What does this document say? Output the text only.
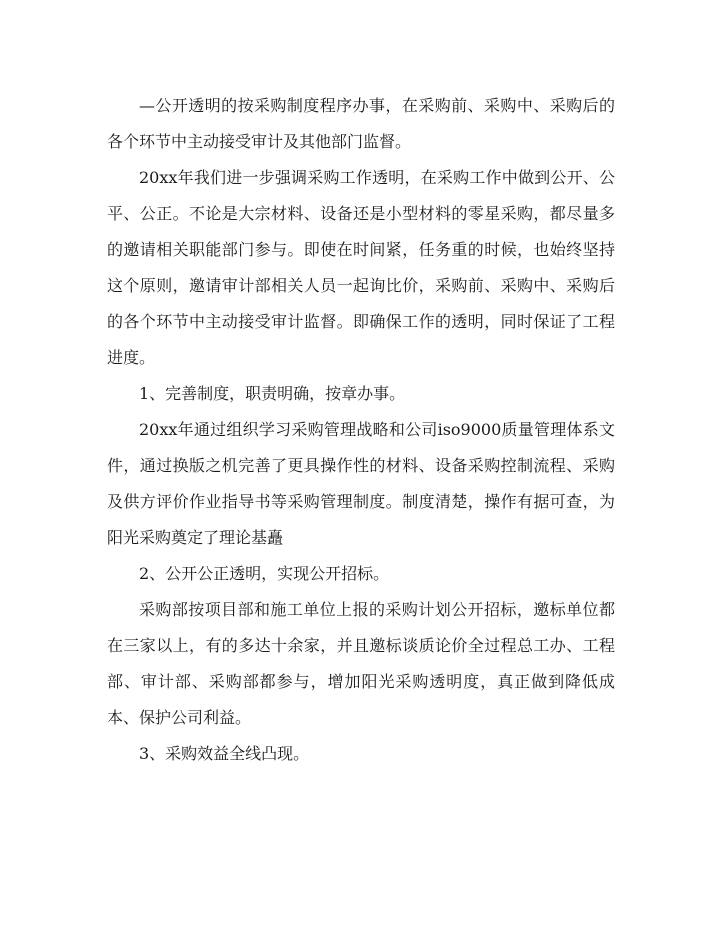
—公开透明的按采购制度程序办事，在采购前、采购中、采购后的各个环节中主动接受审计及其他部门监督。

20xx年我们进一步强调采购工作透明，在采购工作中做到公开、公平、公正。不论是大宗材料、设备还是小型材料的零星采购，都尽量多的邀请相关职能部门参与。即使在时间紧，任务重的时候，也始终坚持这个原则，邀请审计部相关人员一起询比价，采购前、采购中、采购后的各个环节中主动接受审计监督。即确保工作的透明，同时保证了工程进度。

1、完善制度，职责明确，按章办事。

20xx年通过组织学习采购管理战略和公司iso9000质量管理体系文件，通过换版之机完善了更具操作性的材料、设备采购控制流程、采购及供方评价作业指导书等采购管理制度。制度清楚，操作有据可查，为阳光采购奠定了理论基矗

2、公开公正透明，实现公开招标。

采购部按项目部和施工单位上报的采购计划公开招标，邀标单位都在三家以上，有的多达十余家，并且邀标谈质论价全过程总工办、工程部、审计部、采购部都参与，增加阳光采购透明度，真正做到降低成本、保护公司利益。

3、采购效益全线凸现。
